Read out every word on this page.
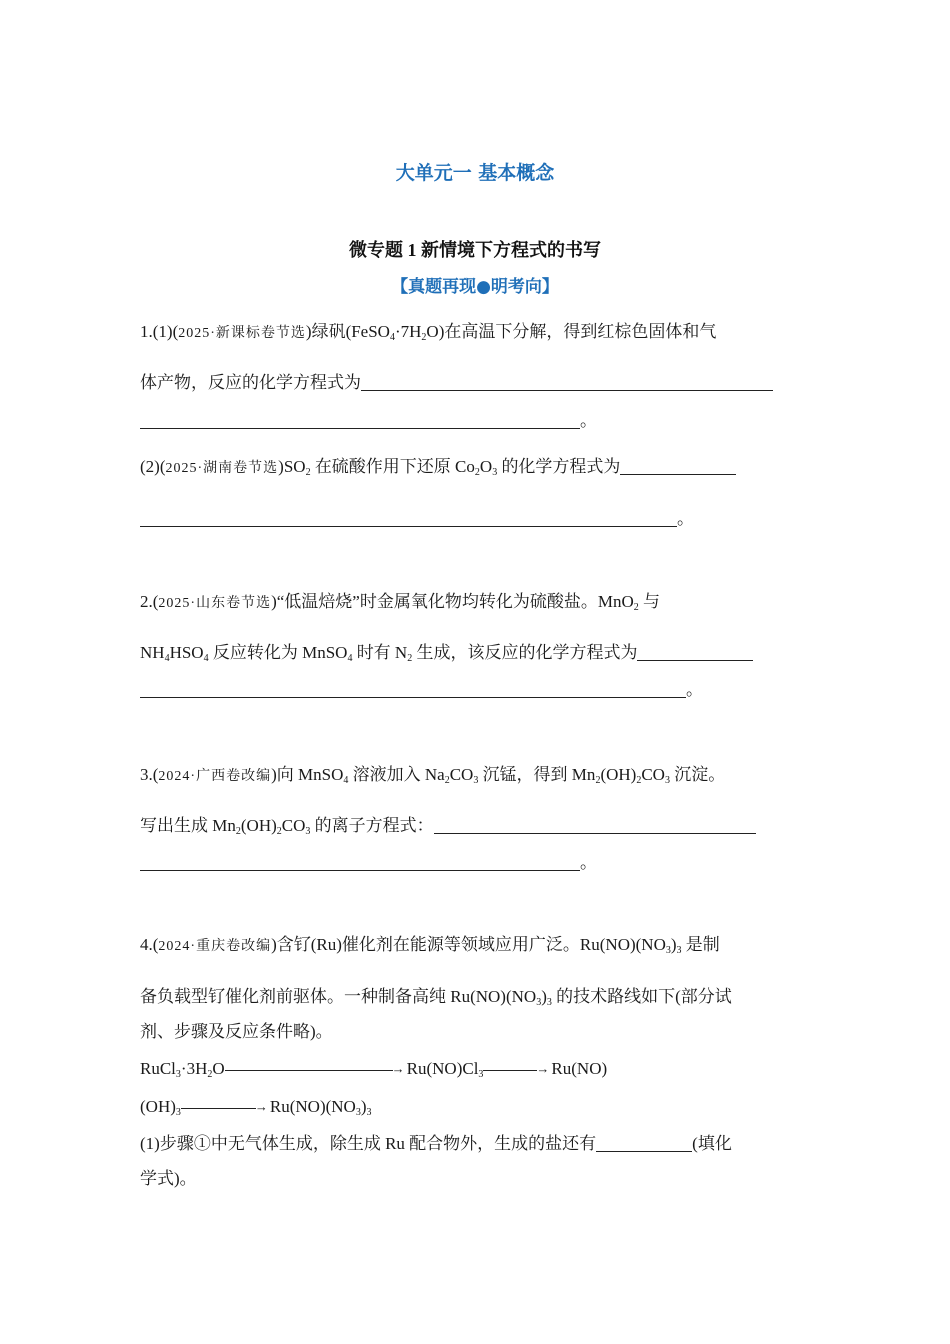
大单元一 基本概念
微专题 1 新情境下方程式的书写
【真题再现●明考向】
1.(1)(2025·新课标卷节选)绿矾$(FeSO_4\cdot 7H_2O)$在高温下分解，得到红棕色固体和气
体产物，反应的化学方程式为
。
(2)(2025·湖南卷节选)$SO_2$ 在硫酸作用下还原 $Co_2O_3$ 的化学方程式为
。
2.(2025·山东卷节选)“低温焙烧”时金属氧化物均转化为硫酸盐。MnO$_2$ 与
$NH_4HSO_4$ 反应转化为 MnSO$_4$ 时有 $N_2$ 生成，该反应的化学方程式为
。
3.(2024·广西卷改编)向 MnSO$_4$ 溶液加入 $Na_2CO_3$ 沉锰，得到 $Mn_2(OH)_2CO_3$ 沉淀。
写出生成 $Mn_2(OH)_2CO_3$ 的离子方程式：
。
4.(2024·重庆卷改编)含钌(Ru)催化剂在能源等领域应用广泛。$Ru(NO)(NO_3)_3$ 是制
备负载型钌催化剂前驱体。一种制备高纯 $Ru(NO)(NO_3)_3$ 的技术路线如下(部分试
剂、步骤及反应条件略)。
$RuCl_3\cdot 3H_2O$ →	$Ru(NO)Cl_3$ →	Ru(NO)
$(OH)_3$ →	$Ru(NO)(NO_3)_3$
(1)步骤①中无气体生成，除生成 Ru 配合物外，生成的盐还有	(填化
学式)。
